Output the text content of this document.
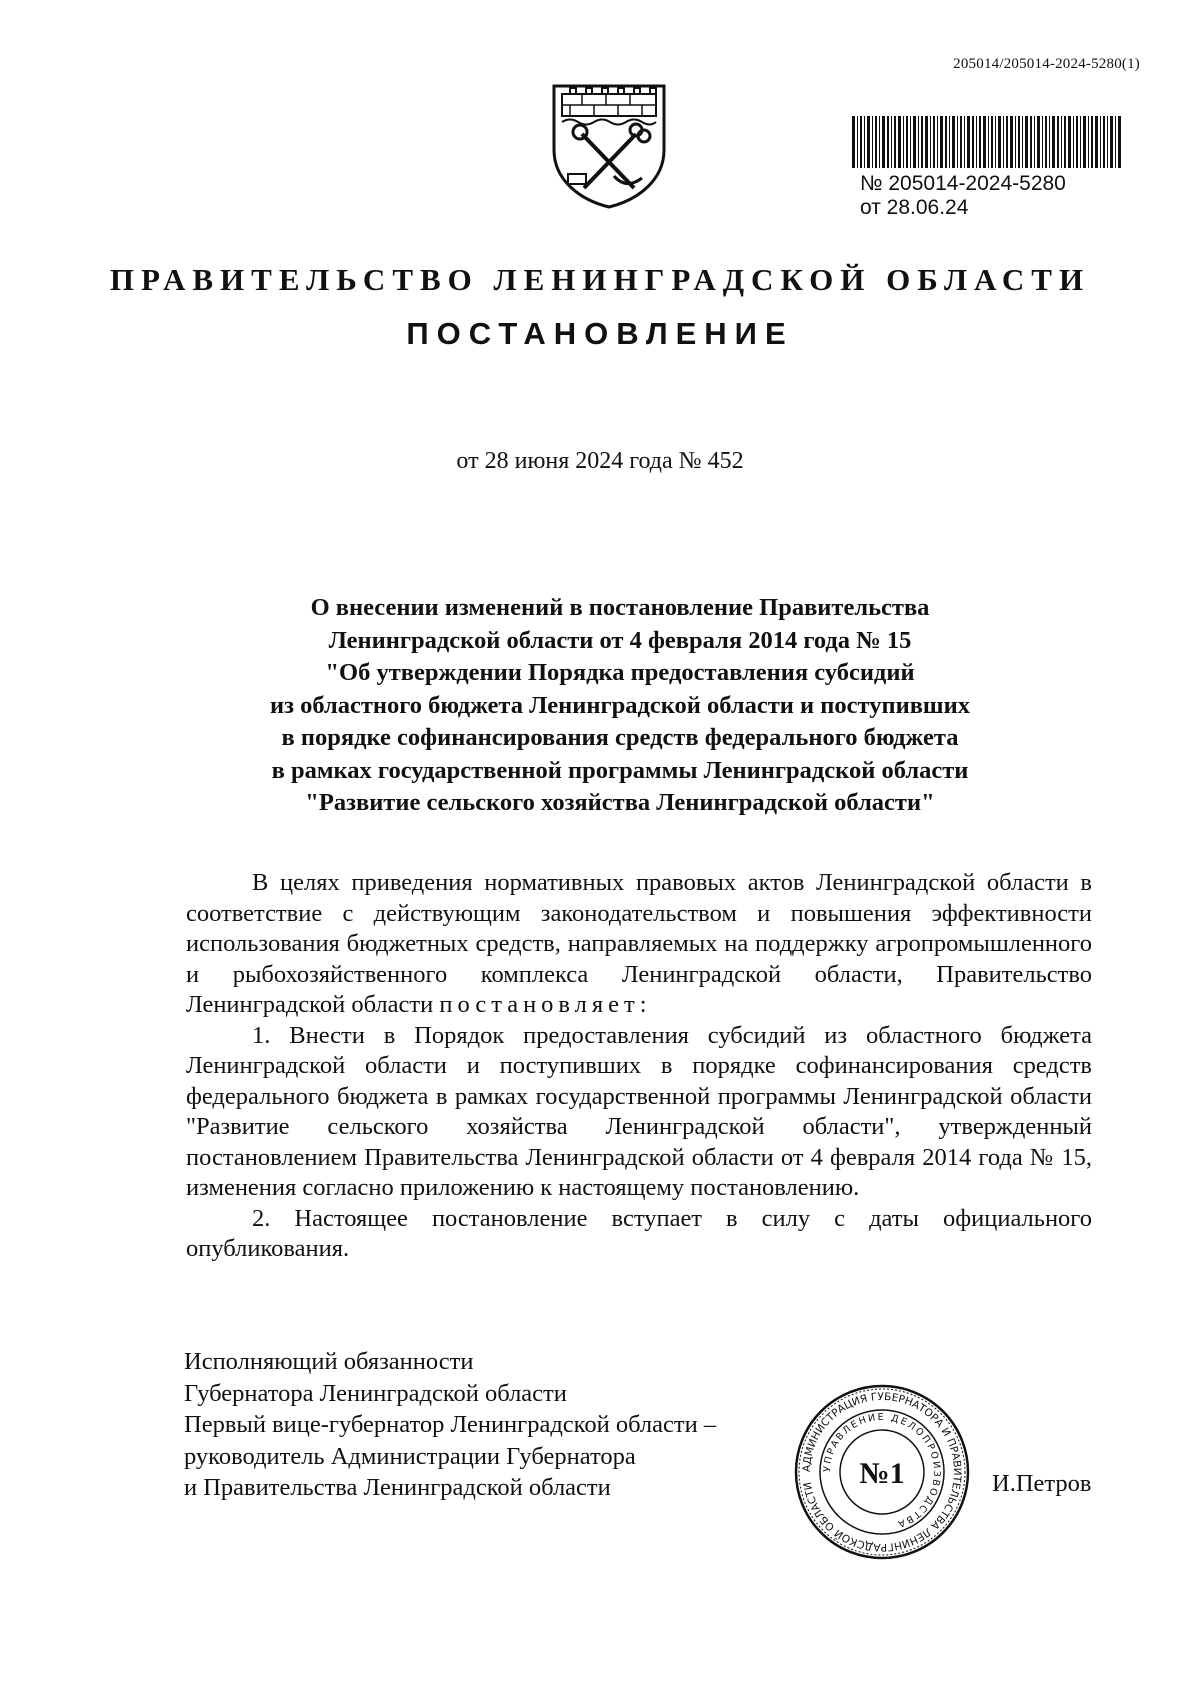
205014/205014-2024-5280(1)
№ 205014-2024-5280
от 28.06.24
ПРАВИТЕЛЬСТВО ЛЕНИНГРАДСКОЙ ОБЛАСТИ
ПОСТАНОВЛЕНИЕ
от 28 июня 2024 года № 452
О внесении изменений в постановление Правительства
Ленинградской области от 4 февраля 2014 года № 15
"Об утверждении Порядка предоставления субсидий
из областного бюджета Ленинградской области и поступивших
в порядке софинансирования средств федерального бюджета
в рамках государственной программы Ленинградской области
"Развитие сельского хозяйства Ленинградской области"

В целях приведения нормативных правовых актов Ленинградской области в соответствие с действующим законодательством и повышения эффективности использования бюджетных средств, направляемых на поддержку агропромышленного и рыбохозяйственного комплекса Ленинградской области, Правительство Ленинградской области постановляет:

1. Внести в Порядок предоставления субсидий из областного бюджета Ленинградской области и поступивших в порядке софинансирования средств федерального бюджета в рамках государственной программы Ленинградской области "Развитие сельского хозяйства Ленинградской области", утвержденный постановлением Правительства Ленинградской области от 4 февраля 2014 года № 15, изменения согласно приложению к настоящему постановлению.

2. Настоящее постановление вступает в силу с даты официального опубликования.

Исполняющий обязанности
Губернатора Ленинградской области
Первый вице-губернатор Ленинградской области –
руководитель Администрации Губернатора
и Правительства Ленинградской области
АДМИНИСТРАЦИЯ ГУБЕРНАТОРА И ПРАВИТЕЛЬСТВА ЛЕНИНГРАДСКОЙ ОБЛАСТИ
УПРАВЛЕНИЕ ДЕЛОПРОИЗВОДСТВА
№1	И.Петров
